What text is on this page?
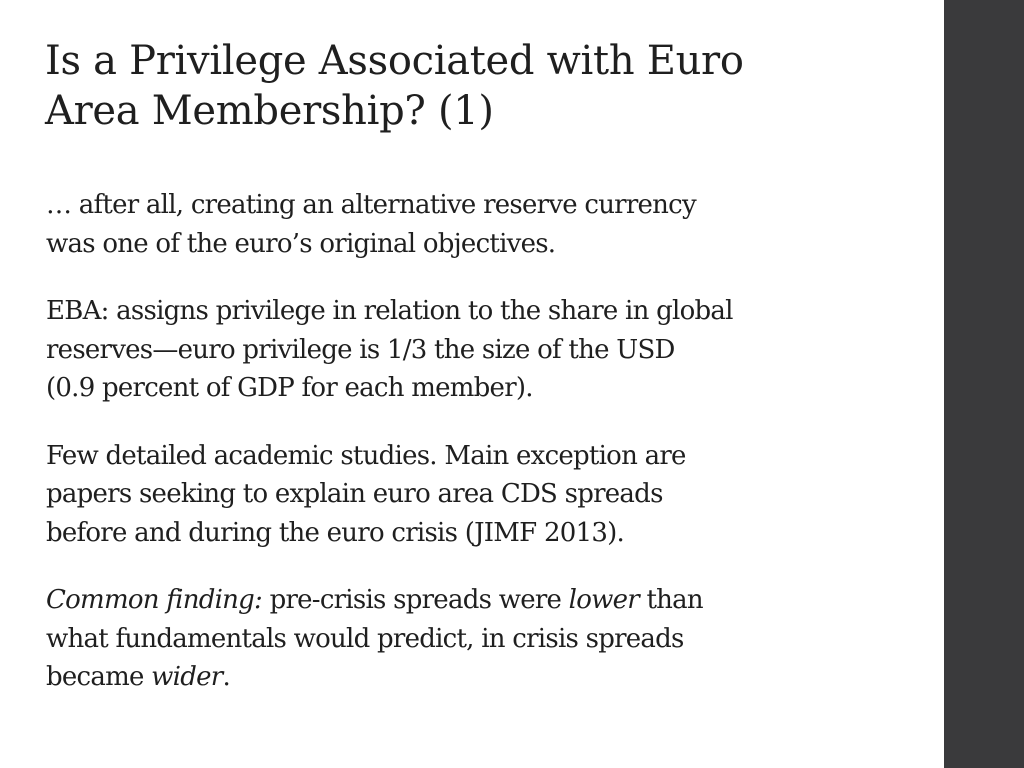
Is a Privilege Associated with Euro
Area Membership? (1)

… after all, creating an alternative reserve currency
was one of the euro’s original objectives.

EBA: assigns privilege in relation to the share in global
reserves—euro privilege is 1/3 the size of the USD
(0.9 percent of GDP for each member).

Few detailed academic studies. Main exception are
papers seeking to explain euro area CDS spreads
before and during the euro crisis (JIMF 2013).

Common finding: pre-crisis spreads were lower than
what fundamentals would predict, in crisis spreads
became wider.
